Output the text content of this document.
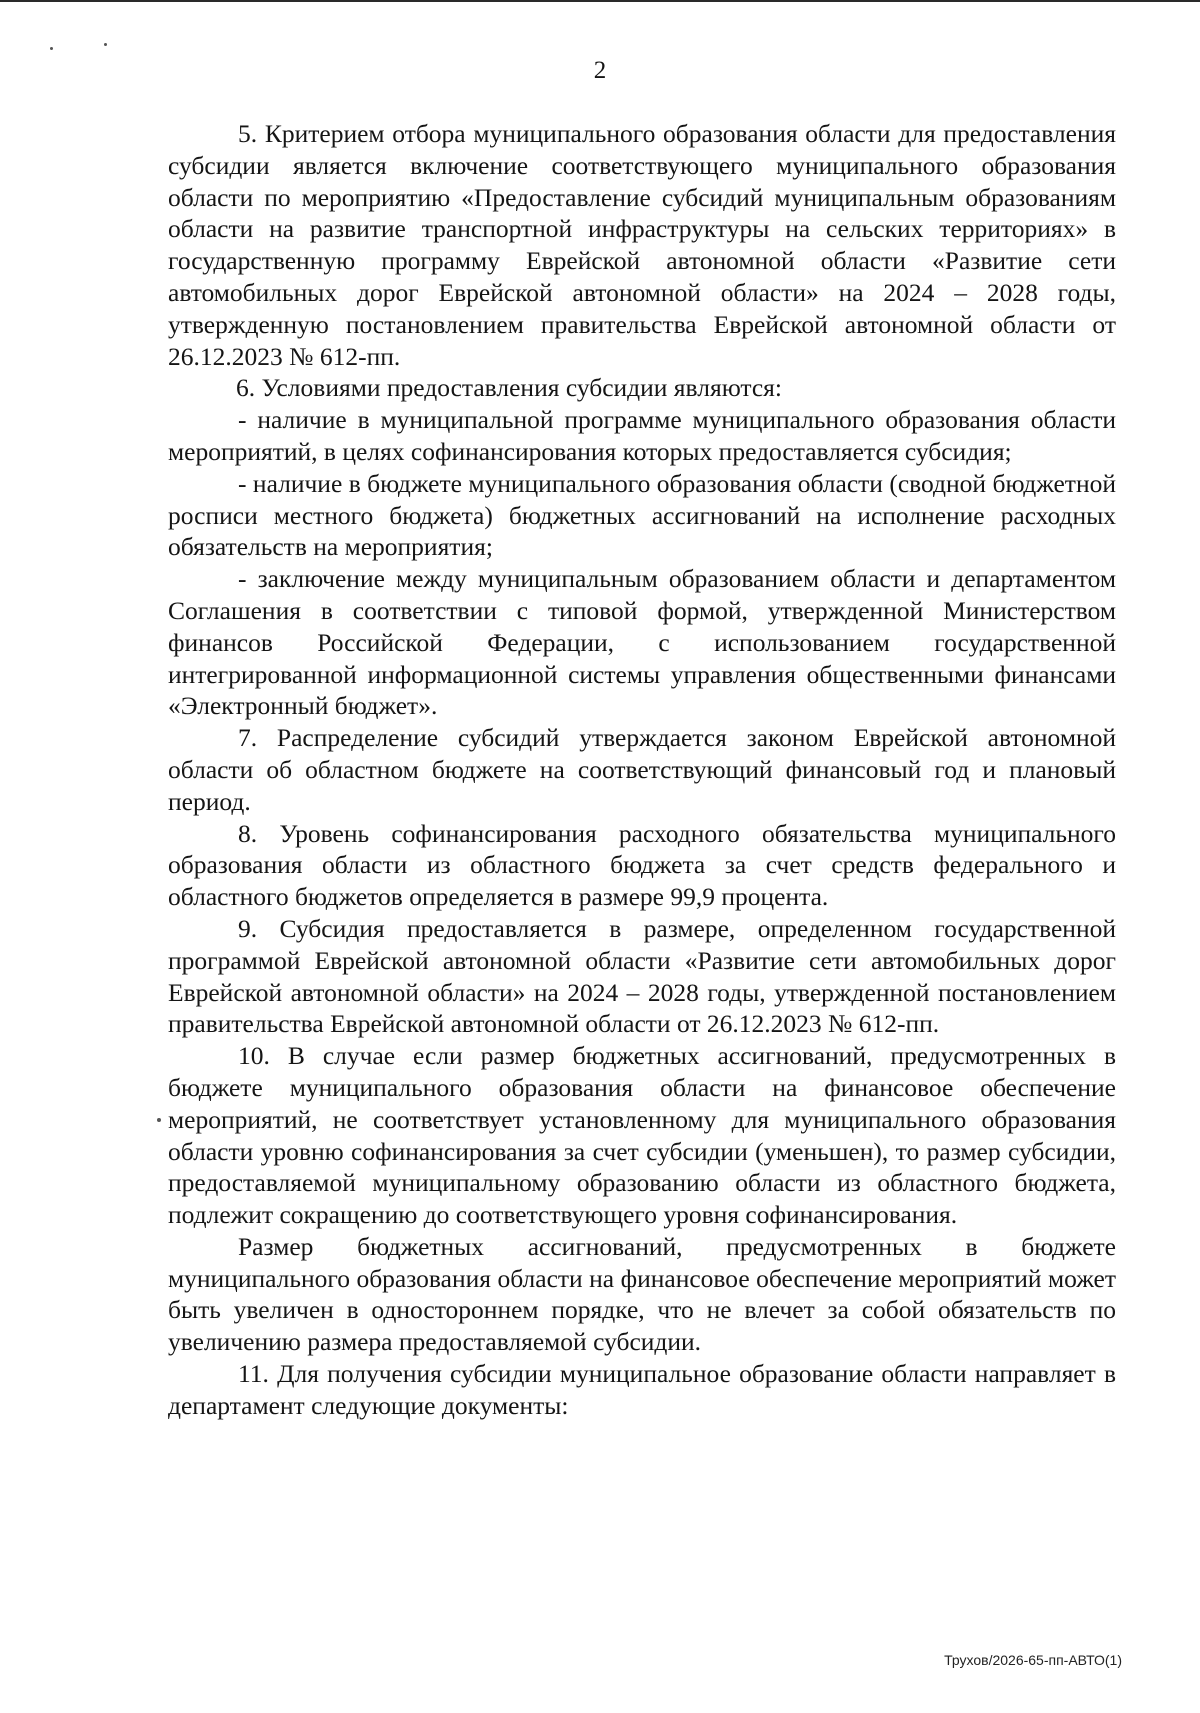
2

5. Критерием отбора муниципального образования области для предоставления субсидии является включение соответствующего муниципального образования области по мероприятию «Предоставление субсидий муниципальным образованиям области на развитие транспортной инфраструктуры на сельских территориях» в государственную программу Еврейской автономной области «Развитие сети автомобильных дорог Еврейской автономной области» на 2024 – 2028 годы, утвержденную постановлением правительства Еврейской автономной области от 26.12.2023 № 612-пп.

6. Условиями предоставления субсидии являются:

- наличие в муниципальной программе муниципального образования области мероприятий, в целях софинансирования которых предоставляется субсидия;

- наличие в бюджете муниципального образования области (сводной бюджетной росписи местного бюджета) бюджетных ассигнований на исполнение расходных обязательств на мероприятия;

- заключение между муниципальным образованием области и департаментом Соглашения в соответствии с типовой формой, утвержденной Министерством финансов Российской Федерации, с использованием государственной интегрированной информационной системы управления общественными финансами «Электронный бюджет».

7. Распределение субсидий утверждается законом Еврейской автономной области об областном бюджете на соответствующий финансовый год и плановый период.

8. Уровень софинансирования расходного обязательства муниципального образования области из областного бюджета за счет средств федерального и областного бюджетов определяется в размере 99,9 процента.

9. Субсидия предоставляется в размере, определенном государственной программой Еврейской автономной области «Развитие сети автомобильных дорог Еврейской автономной области» на 2024 – 2028 годы, утвержденной постановлением правительства Еврейской автономной области от 26.12.2023 № 612-пп.

10. В случае если размер бюджетных ассигнований, предусмотренных в бюджете муниципального образования области на финансовое обеспечение мероприятий, не соответствует установленному для муниципального образования области уровню софинансирования за счет субсидии (уменьшен), то размер субсидии, предоставляемой муниципальному образованию области из областного бюджета, подлежит сокращению до соответствующего уровня софинансирования.

Размер бюджетных ассигнований, предусмотренных в бюджете муниципального образования области на финансовое обеспечение мероприятий может быть увеличен в одностороннем порядке, что не влечет за собой обязательств по увеличению размера предоставляемой субсидии.

11. Для получения субсидии муниципальное образование области направляет в департамент следующие документы:

Трухов/2026-65-пп-АВТО(1)
